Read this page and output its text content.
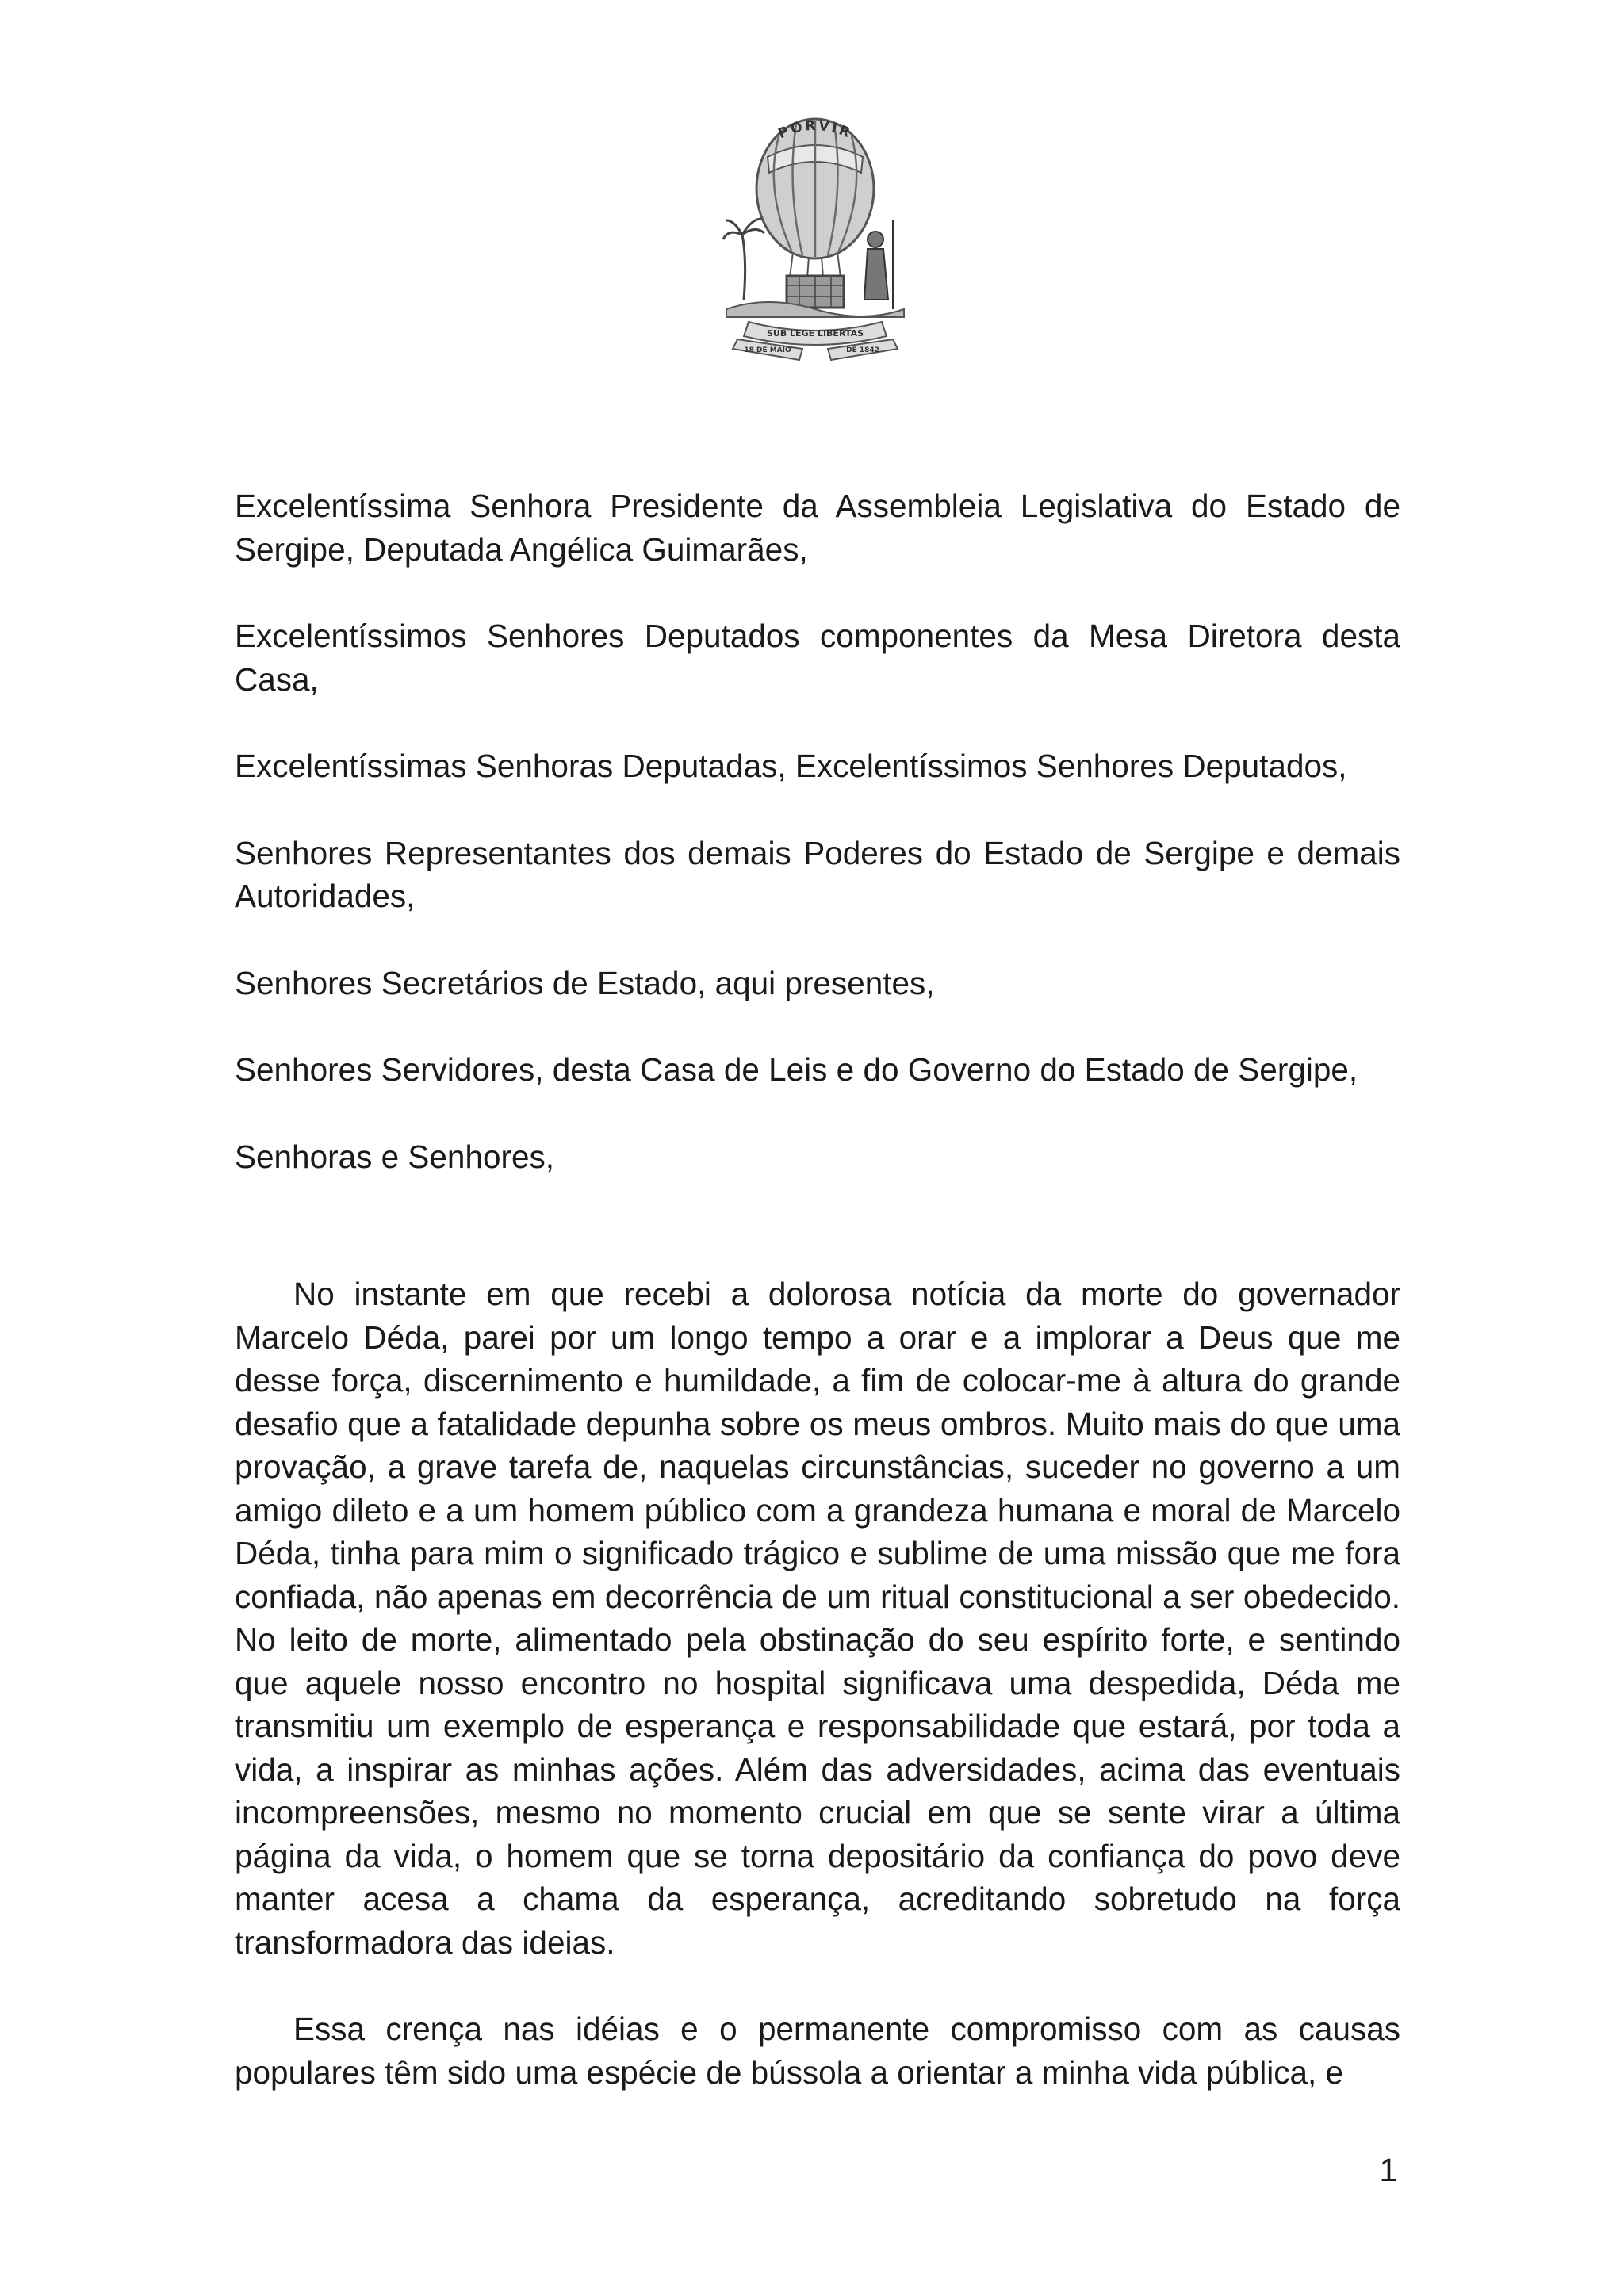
PORVIR
SUB LEGE LIBERTAS
18 DE MAIO	DE 1842

Excelentíssima Senhora Presidente da Assembleia Legislativa do Estado de Sergipe, Deputada Angélica Guimarães,

Excelentíssimos Senhores Deputados componentes da Mesa Diretora desta Casa,

Excelentíssimas Senhoras Deputadas, Excelentíssimos Senhores Deputados,

Senhores Representantes dos demais Poderes do Estado de Sergipe e demais Autoridades,

Senhores Secretários de Estado, aqui presentes,

Senhores Servidores, desta Casa de Leis e do Governo do Estado de Sergipe,

Senhoras e Senhores,

No instante em que recebi a dolorosa notícia da morte do governador Marcelo Déda, parei por um longo tempo a orar e a implorar a Deus que me desse força, discernimento e humildade, a fim de colocar-me à altura do grande desafio que a fatalidade depunha sobre os meus ombros. Muito mais do que uma provação, a grave tarefa de, naquelas circunstâncias, suceder no governo a um amigo dileto e a um homem público com a grandeza humana e moral de Marcelo Déda, tinha para mim o significado trágico e sublime de uma missão que me fora confiada, não apenas em decorrência de um ritual constitucional a ser obedecido. No leito de morte, alimentado pela obstinação do seu espírito forte, e sentindo que aquele nosso encontro no hospital significava uma despedida, Déda me transmitiu um exemplo de esperança e responsabilidade que estará, por toda a vida, a inspirar as minhas ações. Além das adversidades, acima das eventuais incompreensões, mesmo no momento crucial em que se sente virar a última página da vida, o homem que se torna depositário da confiança do povo deve manter acesa a chama da esperança, acreditando sobretudo na força transformadora das ideias.

Essa crença nas idéias e o permanente compromisso com as causas populares têm sido uma espécie de bússola a orientar a minha vida pública, e

1
